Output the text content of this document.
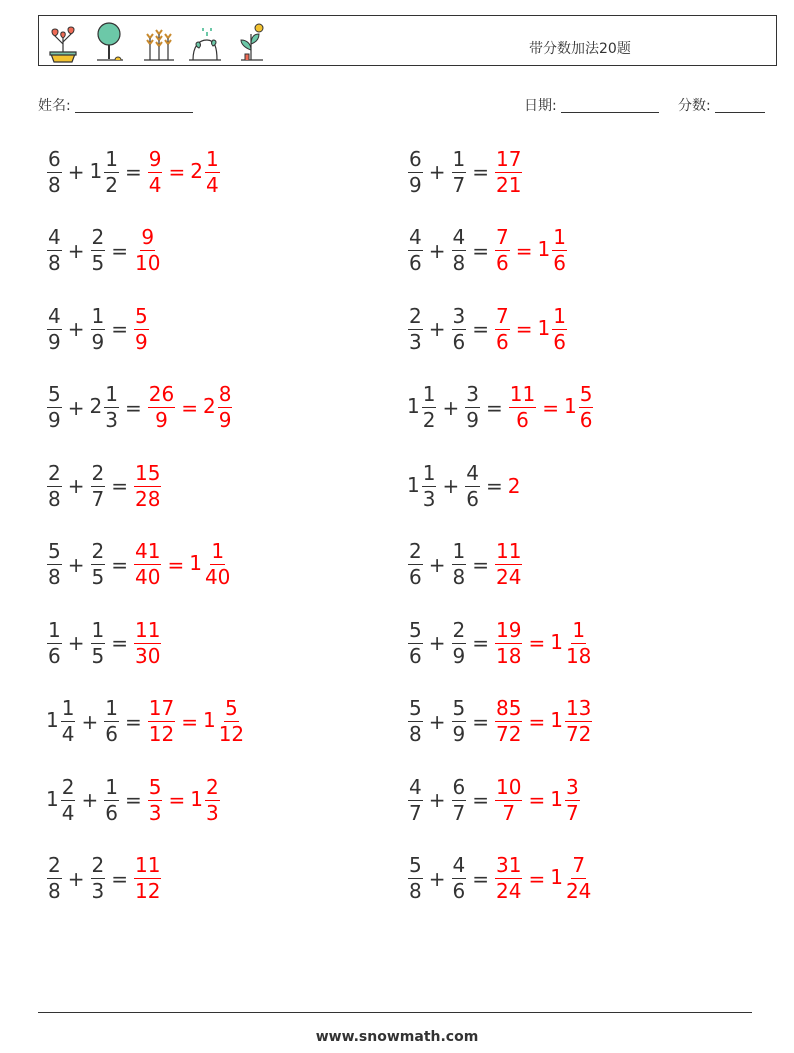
带分数加法20题
姓名:	日期:	分数:
$\frac{6}{8} + 1 \frac{1}{2} = \frac{9}{4} = 2 \frac{1}{4}$	$\frac{6}{9} + \frac{1}{7} = \frac{17}{21}$
$\frac{4}{8} + \frac{2}{5} = \frac{9}{10}$	$\frac{4}{6} + \frac{4}{8} = \frac{7}{6} = 1 \frac{1}{6}$
$\frac{4}{9} + \frac{1}{9} = \frac{5}{9}$	$\frac{2}{3} + \frac{3}{6} = \frac{7}{6} = 1 \frac{1}{6}$
$\frac{5}{9} + 2 \frac{1}{3} = \frac{26}{9} = 2 \frac{8}{9}$	$1 \frac{1}{2} + \frac{3}{9} = \frac{11}{6} = 1 \frac{5}{6}$
$\frac{2}{8} + \frac{2}{7} = \frac{15}{28}$	$1 \frac{1}{3} + \frac{4}{6} = 2$
$\frac{5}{8} + \frac{2}{5} = \frac{41}{40} = 1 \frac{1}{40}$	$\frac{2}{6} + \frac{1}{8} = \frac{11}{24}$
$\frac{1}{6} + \frac{1}{5} = \frac{11}{30}$	$\frac{5}{6} + \frac{2}{9} = \frac{19}{18} = 1 \frac{1}{18}$
$1 \frac{1}{4} + \frac{1}{6} = \frac{17}{12} = 1 \frac{5}{12}$	$\frac{5}{8} + \frac{5}{9} = \frac{85}{72} = 1 \frac{13}{72}$
$1 \frac{2}{4} + \frac{1}{6} = \frac{5}{3} = 1 \frac{2}{3}$	$\frac{4}{7} + \frac{6}{7} = \frac{10}{7} = 1 \frac{3}{7}$
$\frac{2}{8} + \frac{2}{3} = \frac{11}{12}$	$\frac{5}{8} + \frac{4}{6} = \frac{31}{24} = 1 \frac{7}{24}$
www.snowmath.com
